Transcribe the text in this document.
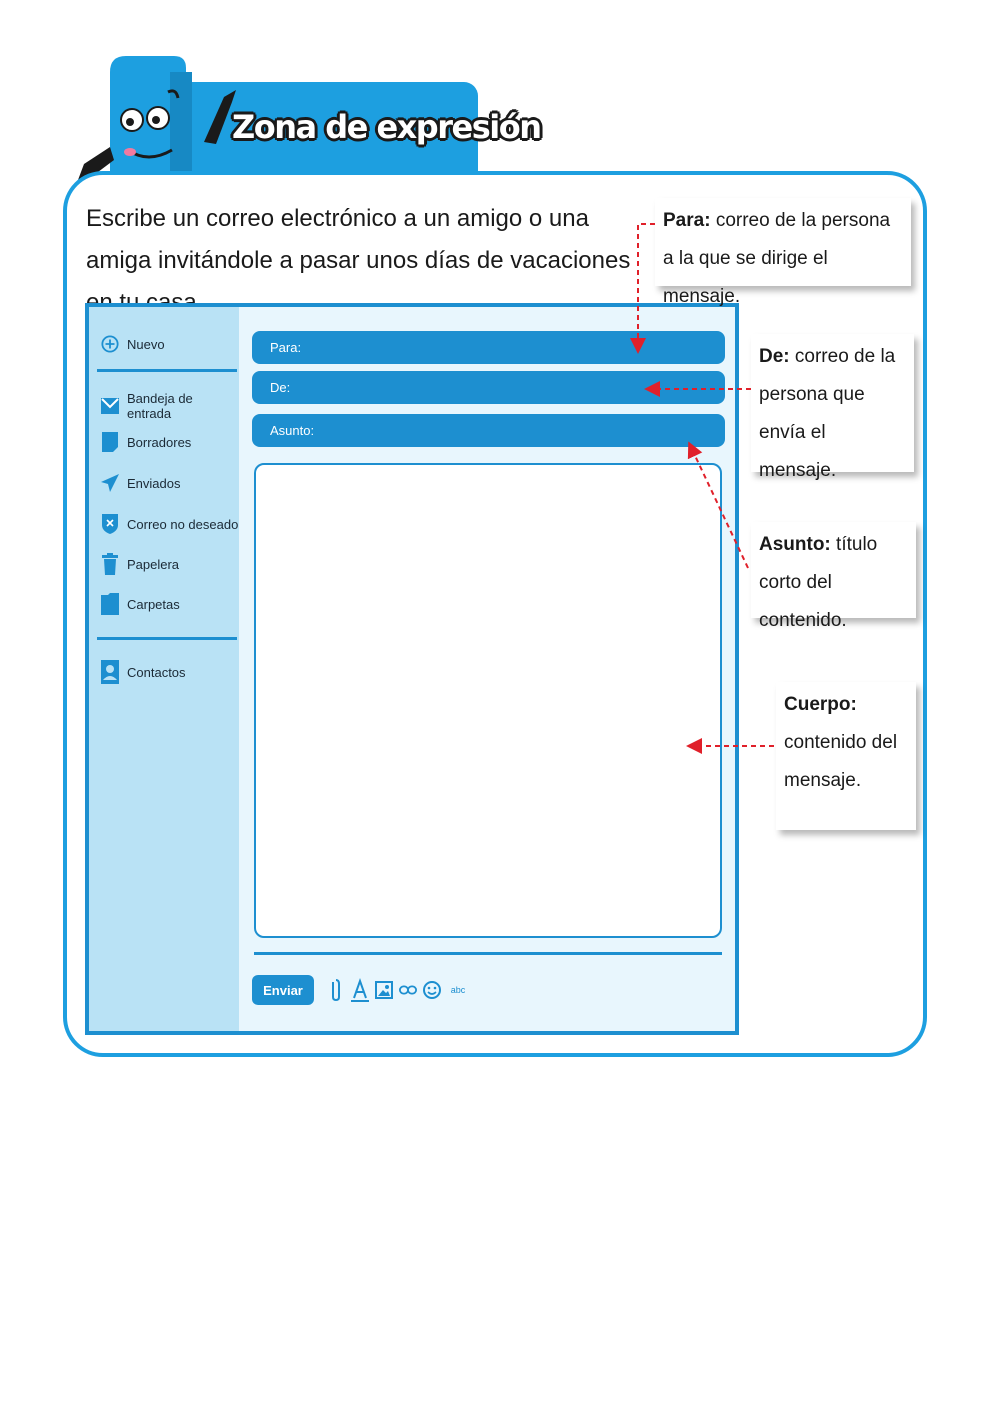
Zona de expresión
Escribe un correo electrónico a un amigo o una amiga invitándole a pasar unos días de vacaciones
Nuevo
Bandeja de entrada
Borradores
Enviados
Correo no deseado
Papelera
Carpetas
Contactos
Para:
De:
Asunto:
Enviar	abc
Para: correo de la persona a la que se dirige el mensaje.
De: correo de la persona que envía el mensaje.
Asunto: título corto del contenido.
Cuerpo:
contenido del mensaje.
